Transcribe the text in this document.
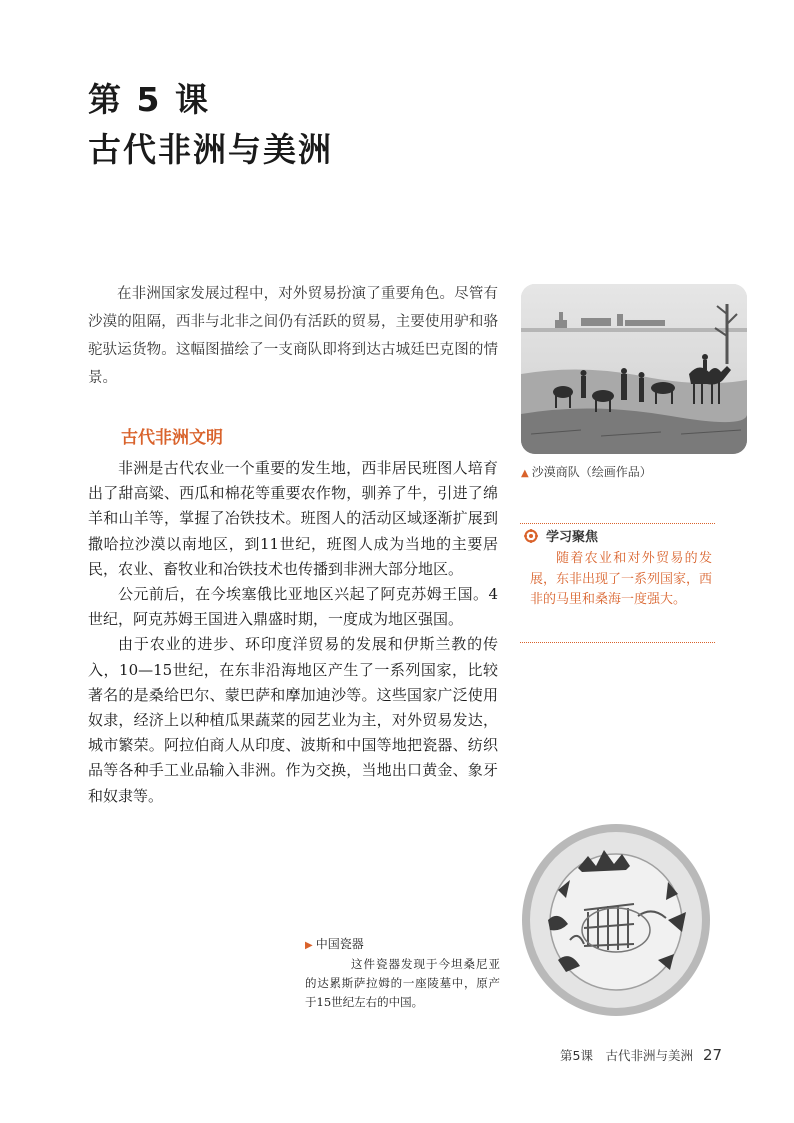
第 5 课
古代非洲与美洲

在非洲国家发展过程中，对外贸易扮演了重要角色。尽管有沙漠的阻隔，西非与北非之间仍有活跃的贸易，主要使用驴和骆驼驮运货物。这幅图描绘了一支商队即将到达古城廷巴克图的情景。

▲ 沙漠商队（绘画作品）
古代非洲文明

非洲是古代农业一个重要的发生地，西非居民班图人培育出了甜高粱、西瓜和棉花等重要农作物，驯养了牛，引进了绵羊和山羊等，掌握了冶铁技术。班图人的活动区域逐渐扩展到撒哈拉沙漠以南地区，到11世纪，班图人成为当地的主要居民，农业、畜牧业和冶铁技术也传播到非洲大部分地区。

公元前后，在今埃塞俄比亚地区兴起了阿克苏姆王国。4世纪，阿克苏姆王国进入鼎盛时期，一度成为地区强国。

由于农业的进步、环印度洋贸易的发展和伊斯兰教的传入，10—15世纪，在东非沿海地区产生了一系列国家，比较著名的是桑给巴尔、蒙巴萨和摩加迪沙等。这些国家广泛使用奴隶，经济上以种植瓜果蔬菜的园艺业为主，对外贸易发达，城市繁荣。阿拉伯商人从印度、波斯和中国等地把瓷器、纺织品等各种手工业品输入非洲。作为交换，当地出口黄金、象牙和奴隶等。

学习聚焦
随着农业和对外贸易的发展，东非出现了一系列国家，西非的马里和桑海一度强大。
▶ 中国瓷器
这件瓷器发现于今坦桑尼亚的达累斯萨拉姆的一座陵墓中，原产于15世纪左右的中国。
第5课　古代非洲与美洲 27
